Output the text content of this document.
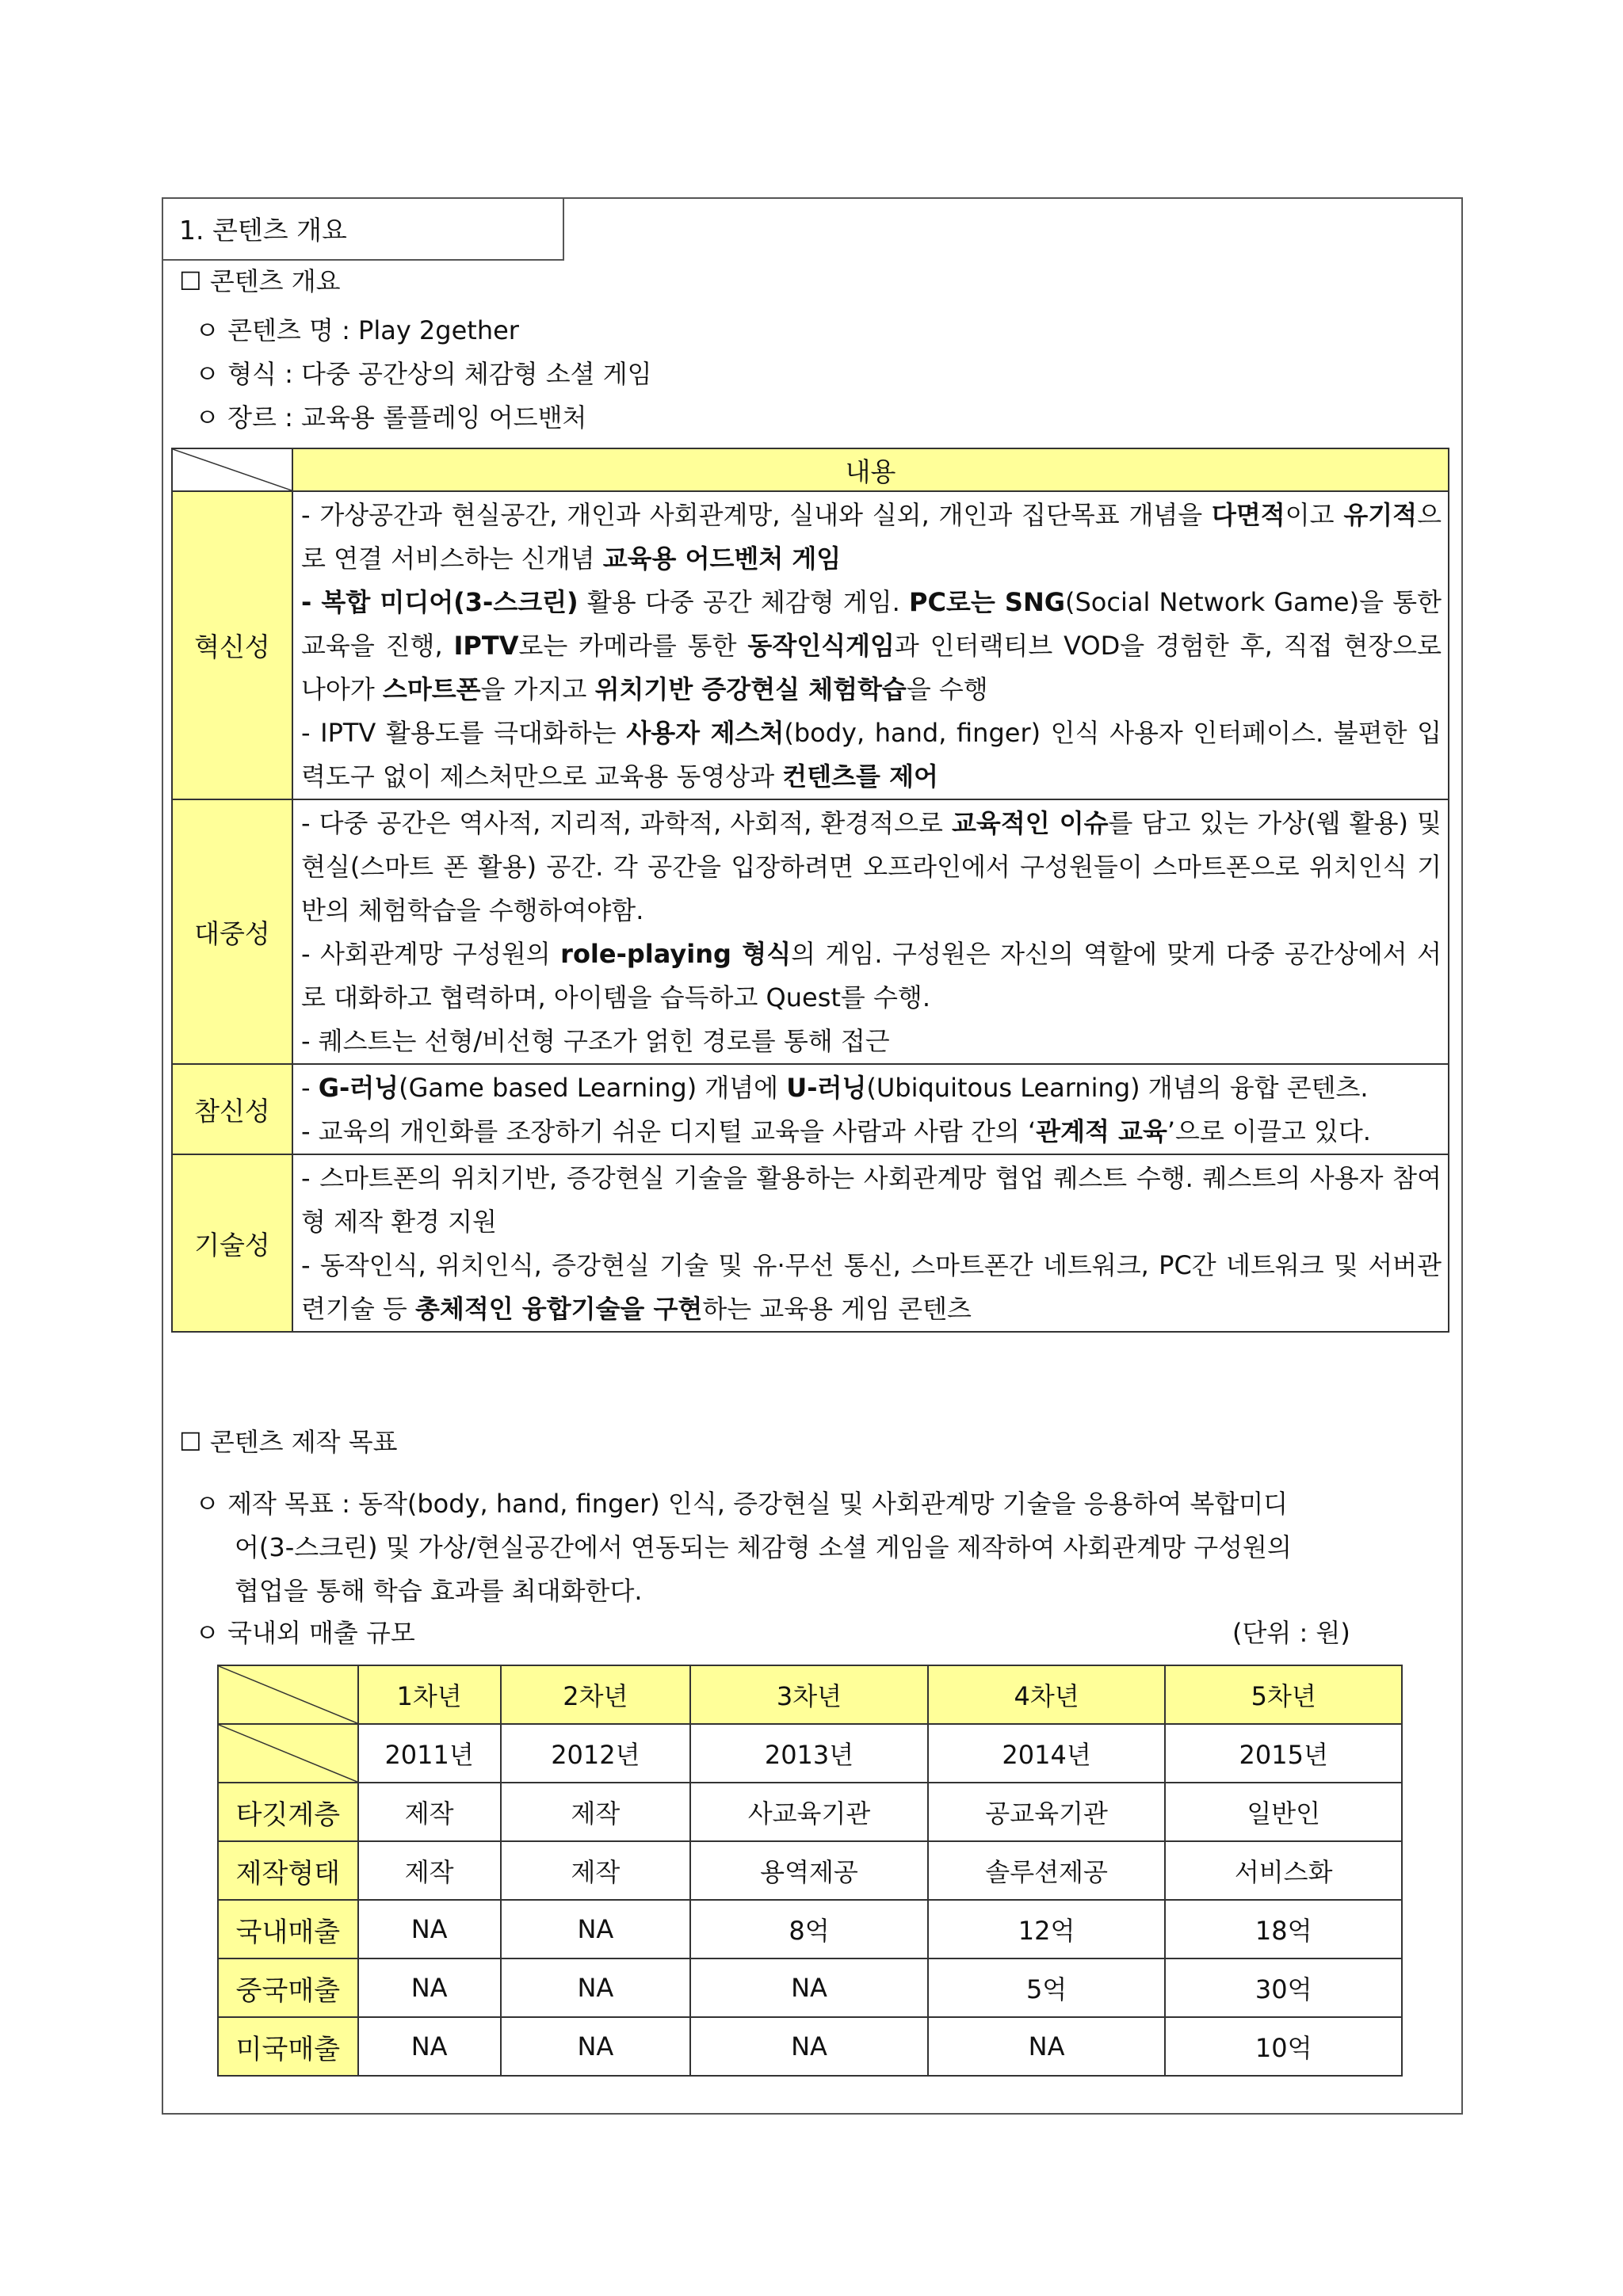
1. 콘텐츠 개요
☐ 콘텐츠 개요
ㅇ 콘텐츠 명 : Play 2gether
ㅇ 형식 : 다중 공간상의 체감형 소셜 게임
ㅇ 장르 : 교육용 롤플레잉 어드밴처
	내용
혁신성	- 가상공간과 현실공간, 개인과 사회관계망, 실내와 실외, 개인과 집단목표 개념을 다면적이고 유기적으로 연결 서비스하는 신개념 교육용 어드벤처 게임
- 복합 미디어(3-스크린) 활용 다중 공간 체감형 게임. PC로는 SNG(Social Network Game)을 통한 교육을 진행, IPTV로는 카메라를 통한 동작인식게임과 인터랙티브 VOD을 경험한 후, 직접 현장으로 나아가 스마트폰을 가지고 위치기반 증강현실 체험학습을 수행
- IPTV 활용도를 극대화하는 사용자 제스처(body, hand, finger) 인식 사용자 인터페이스. 불편한 입력도구 없이 제스처만으로 교육용 동영상과 컨텐츠를 제어

대중성	- 다중 공간은 역사적, 지리적, 과학적, 사회적, 환경적으로 교육적인 이슈를 담고 있는 가상(웹 활용) 및 현실(스마트 폰 활용) 공간. 각 공간을 입장하려면 오프라인에서 구성원들이 스마트폰으로 위치인식 기반의 체험학습을 수행하여야함.
- 사회관계망 구성원의 role-playing 형식의 게임. 구성원은 자신의 역할에 맞게 다중 공간상에서 서로 대화하고 협력하며, 아이템을 습득하고 Quest를 수행.
- 퀘스트는 선형/비선형 구조가 얽힌 경로를 통해 접근

참신성	- G-러닝(Game based Learning) 개념에 U-러닝(Ubiquitous Learning) 개념의 융합 콘텐츠.
- 교육의 개인화를 조장하기 쉬운 디지털 교육을 사람과 사람 간의 ‘관계적 교육’으로 이끌고 있다.

기술성	- 스마트폰의 위치기반, 증강현실 기술을 활용하는 사회관계망 협업 퀘스트 수행. 퀘스트의 사용자 참여형 제작 환경 지원
- 동작인식, 위치인식, 증강현실 기술 및 유·무선 통신, 스마트폰간 네트워크, PC간 네트워크 및 서버관련기술 등 총체적인 융합기술을 구현하는 교육용 게임 콘텐츠
☐ 콘텐츠 제작 목표
ㅇ 제작 목표 : 동작(body, hand, finger) 인식, 증강현실 및 사회관계망 기술을 응용하여 복합미디
어(3-스크린) 및 가상/현실공간에서 연동되는 체감형 소셜 게임을 제작하여 사회관계망 구성원의
협업을 통해 학습 효과를 최대화한다.
ㅇ 국내외 매출 규모	(단위 : 원)
	1차년	2차년	3차년	4차년	5차년

	2011년	2012년	2013년	2014년	2015년
타깃계층	제작	제작	사교육기관	공교육기관	일반인
제작형태	제작	제작	용역제공	솔루션제공	서비스화
국내매출	NA	NA	8억	12억	18억
중국매출	NA	NA	NA	5억	30억
미국매출	NA	NA	NA	NA	10억
